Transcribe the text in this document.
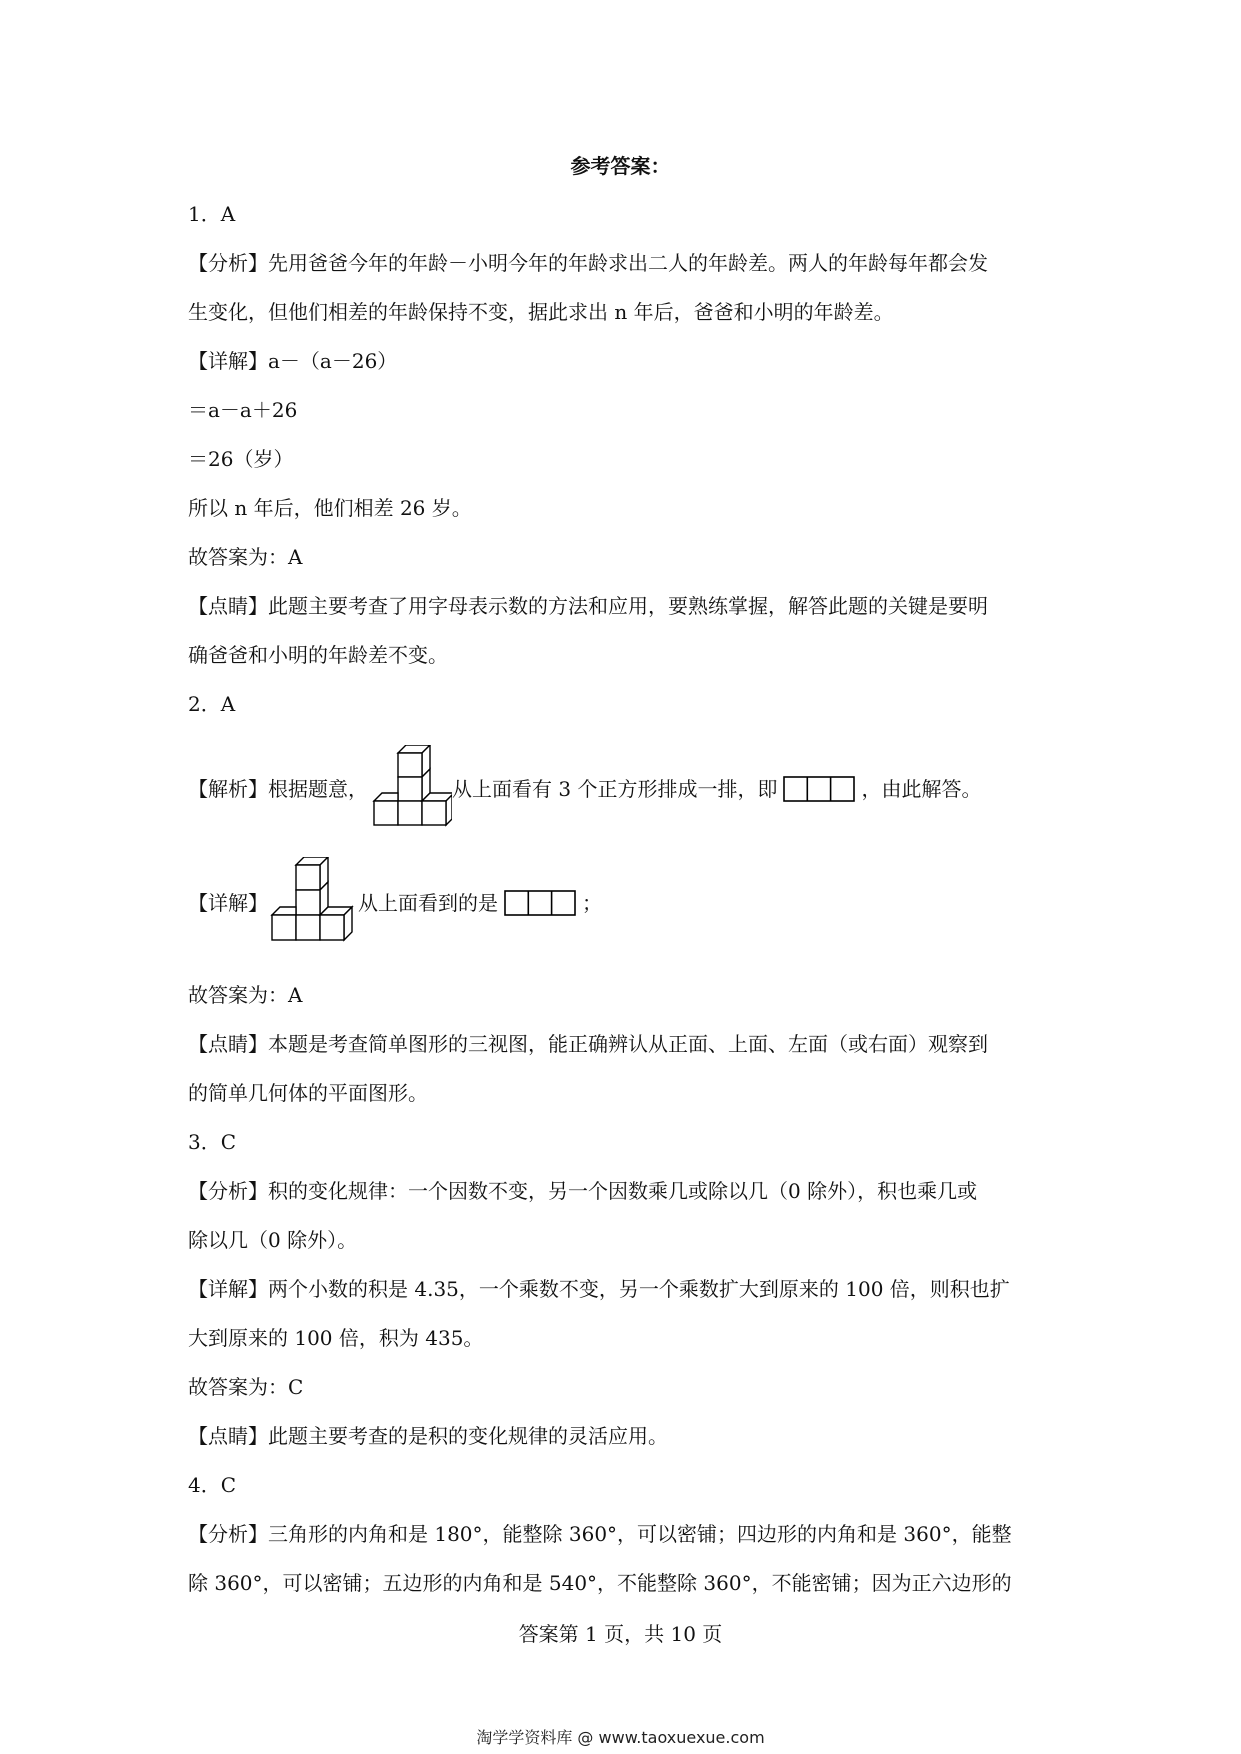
参考答案：

1．A

【分析】先用爸爸今年的年龄－小明今年的年龄求出二人的年龄差。两人的年龄每年都会发

生变化，但他们相差的年龄保持不变，据此求出 n 年后，爸爸和小明的年龄差。

【详解】a－（a－26）

＝a－a＋26

＝26（岁）

所以 n 年后，他们相差 26 岁。

故答案为：A

【点睛】此题主要考查了用字母表示数的方法和应用，要熟练掌握，解答此题的关键是要明

确爸爸和小明的年龄差不变。

2．A

【解析】根据题意，	从上面看有 3 个正方形排成一排，即	，由此解答。
【详解】	从上面看到的是	；

故答案为：A

【点睛】本题是考查简单图形的三视图，能正确辨认从正面、上面、左面（或右面）观察到

的简单几何体的平面图形。

3．C

【分析】积的变化规律：一个因数不变，另一个因数乘几或除以几（0 除外），积也乘几或

除以几（0 除外）。

【详解】两个小数的积是 4.35，一个乘数不变，另一个乘数扩大到原来的 100 倍，则积也扩

大到原来的 100 倍，积为 435。

故答案为：C

【点睛】此题主要考查的是积的变化规律的灵活应用。

4．C

【分析】三角形的内角和是 180°，能整除 360°，可以密铺；四边形的内角和是 360°，能整

除 360°，可以密铺；五边形的内角和是 540°，不能整除 360°，不能密铺；因为正六边形的

答案第 1 页，共 10 页
淘学学资料库 @ www.taoxuexue.com
